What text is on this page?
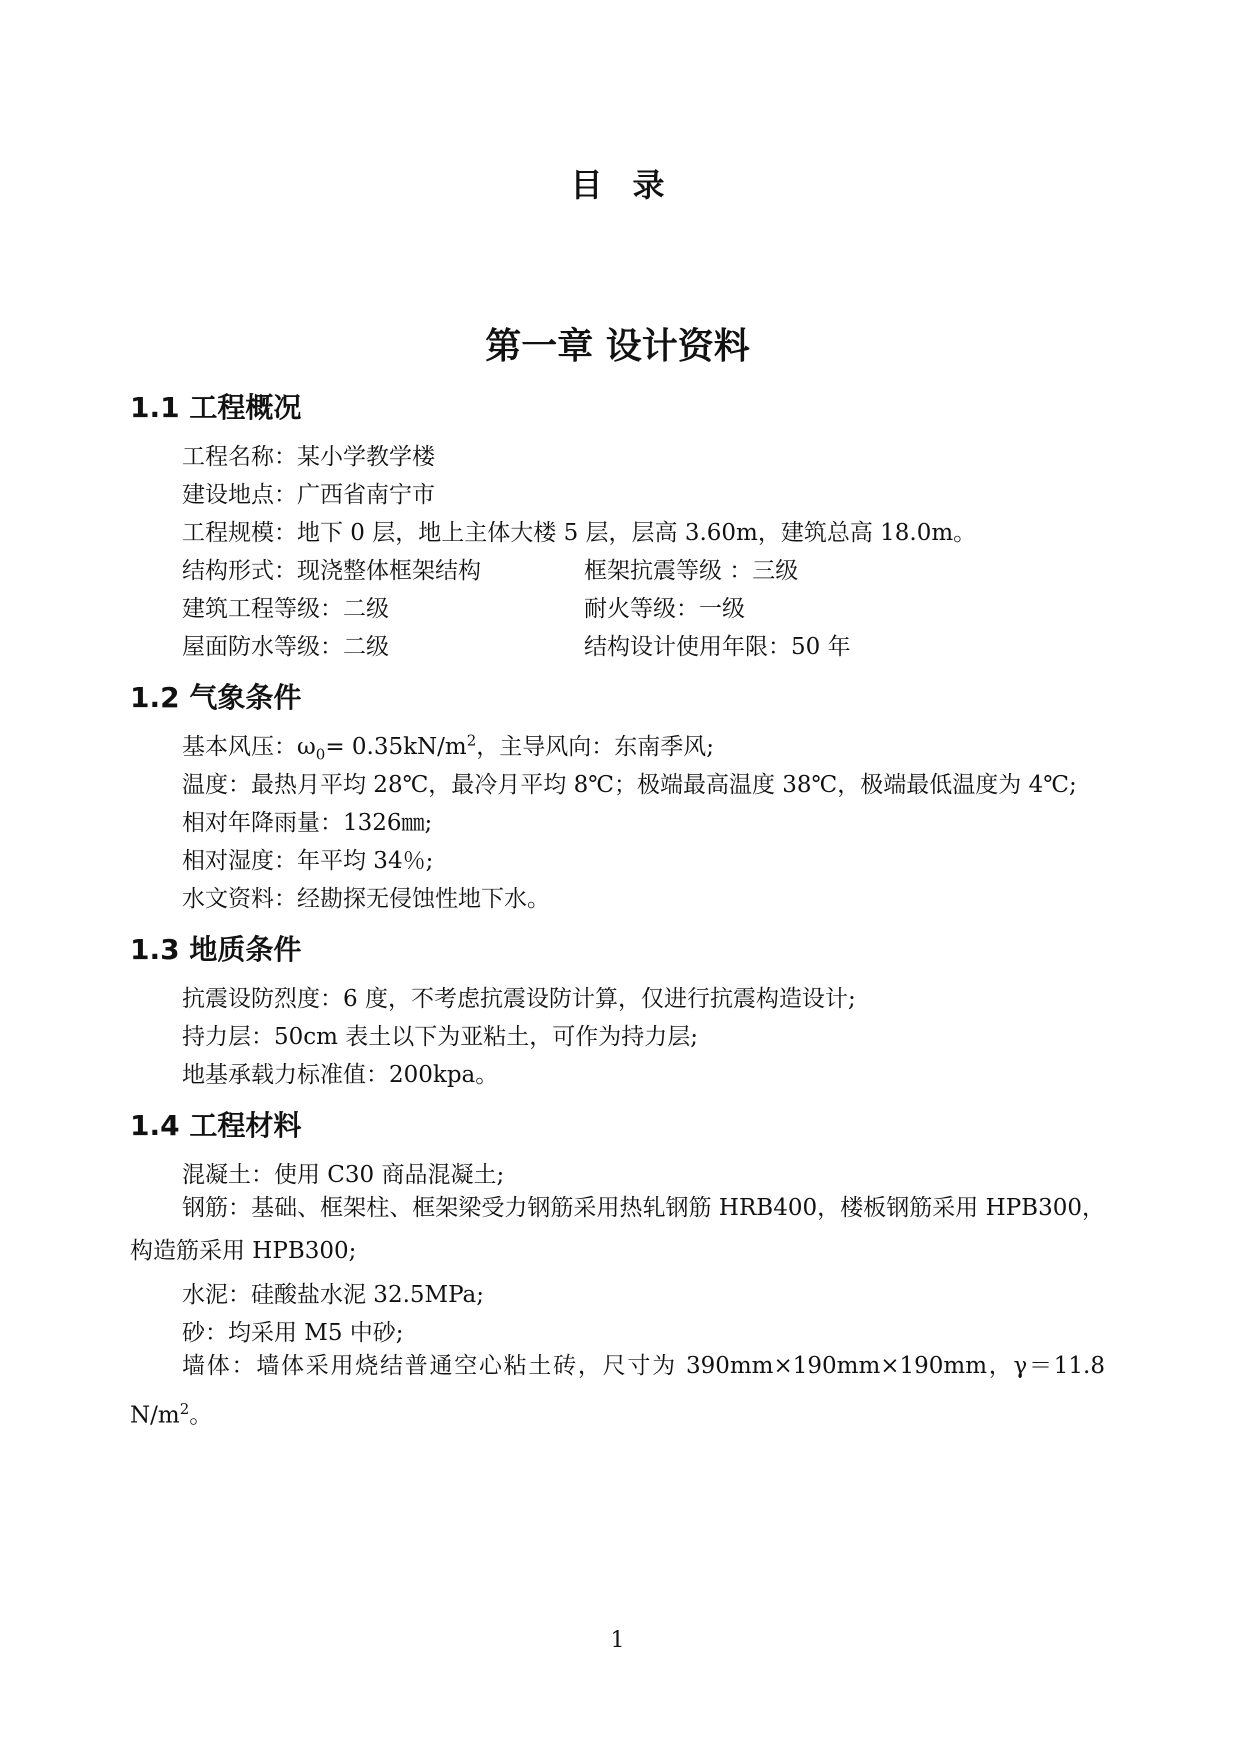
目录
第一章 设计资料
1.1 工程概况

工程名称：某小学教学楼

建设地点：广西省南宁市

工程规模：地下 0 层，地上主体大楼 5 层，层高 3.60m，建筑总高 18.0m。

结构形式：现浇整体框架结构	框架抗震等级 ：三级

建筑工程等级：二级	耐火等级：一级

屋面防水等级：二级	结构设计使用年限：50 年

1.2 气象条件

基本风压：$\omega_0= 0.35kN/m^2$，主导风向：东南季风;

温度：最热月平均 28℃，最冷月平均 8℃；极端最高温度 38℃，极端最低温度为 4℃;

相对年降雨量：1326㎜;

相对湿度：年平均 34％;

水文资料：经勘探无侵蚀性地下水。

1.3 地质条件

抗震设防烈度：6 度，不考虑抗震设防计算，仅进行抗震构造设计;

持力层：50cm 表土以下为亚粘土，可作为持力层;

地基承载力标准值：200kpa。

1.4 工程材料

混凝土：使用 C30 商品混凝土;

钢筋：基础、框架柱、框架梁受力钢筋采用热轧钢筋 HRB400，楼板钢筋采用 HPB300，构造筋采用 HPB300;

水泥：硅酸盐水泥 32.5MPa;

砂：均采用 M5 中砂;

墙体：墙体采用烧结普通空心粘土砖，尺寸为 390mm×190mm×190mm，γ＝11.8 $N/m^2$。

1
